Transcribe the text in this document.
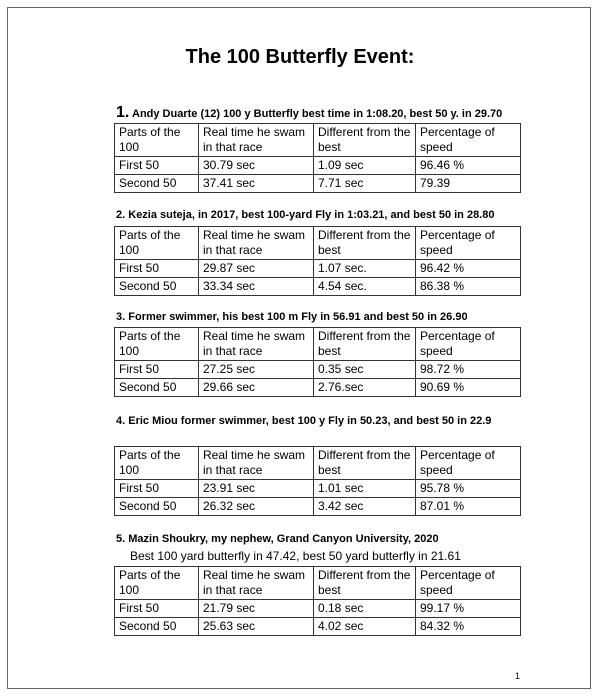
The 100 Butterfly Event:
1. Andy Duarte (12) 100 y Butterfly best time in 1:08.20, best 50 y. in 29.70
Parts of the 100	Real time he swam in that race	Different from the best	Percentage of speed
First 50	30.79 sec	1.09 sec	96.46 %
Second 50	37.41 sec	7.71 sec	79.39
2. Kezia suteja, in 2017, best 100-yard Fly in 1:03.21, and best 50 in 28.80
Parts of the 100	Real time he swam in that race	Different from the best	Percentage of speed
First 50	29.87 sec	1.07 sec.	96.42 %
Second 50	33.34 sec	4.54 sec.	86.38 %
3. Former swimmer, his best 100 m Fly in 56.91 and best 50 in 26.90
Parts of the 100	Real time he swam in that race	Different from the best	Percentage of speed
First 50	27.25 sec	0.35 sec	98.72 %
Second 50	29.66 sec	2.76.sec	90.69 %
4. Eric Miou former swimmer, best 100 y Fly in 50.23, and best 50 in 22.9
Parts of the 100	Real time he swam in that race	Different from the best	Percentage of speed
First 50	23.91 sec	1.01 sec	95.78 %
Second 50	26.32 sec	3.42 sec	87.01 %
5. Mazin Shoukry, my nephew, Grand Canyon University, 2020
Best 100 yard butterfly in 47.42, best 50 yard butterfly in 21.61
Parts of the 100	Real time he swam in that race	Different from the best	Percentage of speed
First 50	21.79 sec	0.18 sec	99.17 %
Second 50	25.63 sec	4.02 sec	84.32 %
1
